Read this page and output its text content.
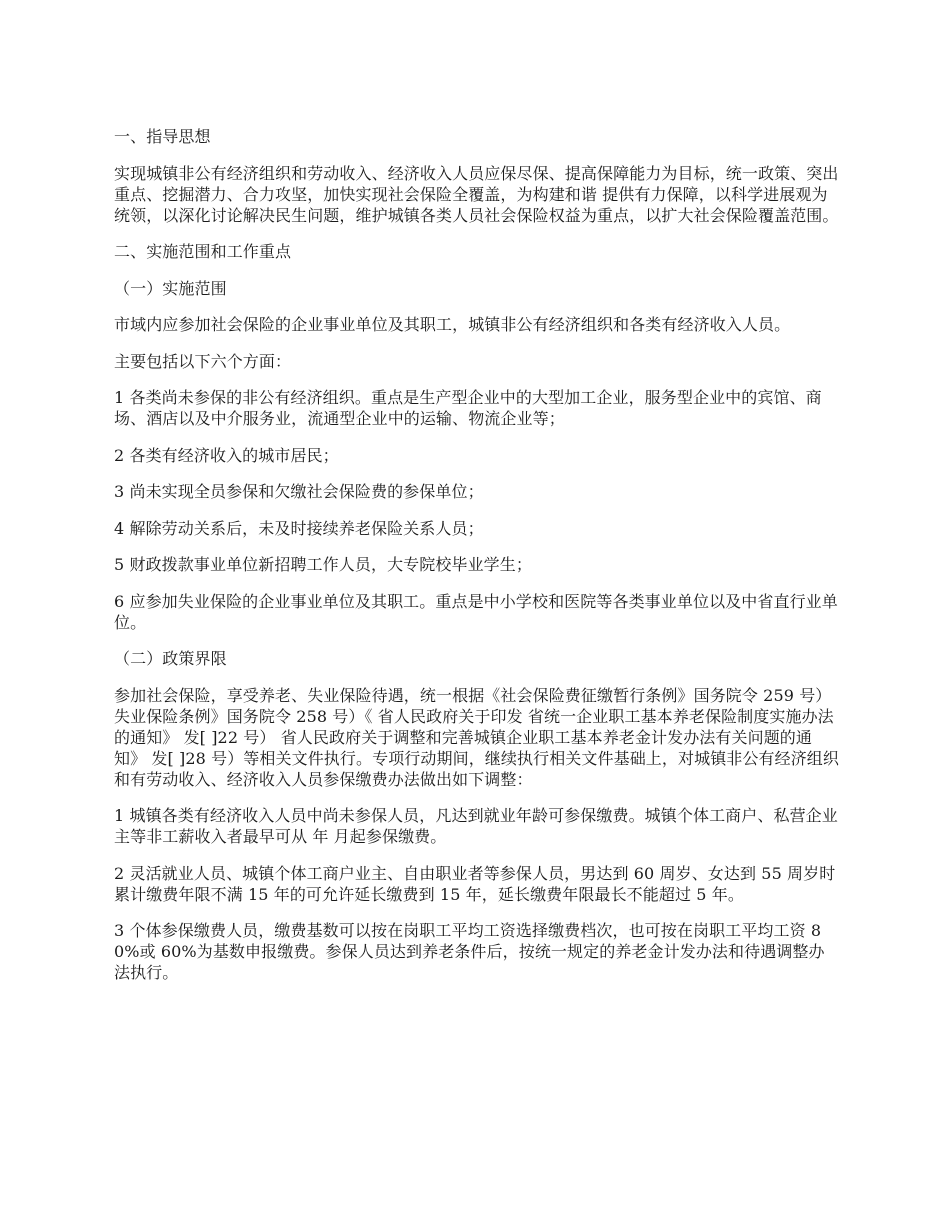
一、指导思想

实现城镇非公有经济组织和劳动收入、经济收入人员应保尽保、提高保障能力为目标，统一政策、突出重点、挖掘潜力、合力攻坚，加快实现社会保险全覆盖，为构建和谐 提供有力保障，以科学进展观为统领，以深化讨论解决民生问题，维护城镇各类人员社会保险权益为重点，以扩大社会保险覆盖范围。

二、实施范围和工作重点

（一）实施范围

市域内应参加社会保险的企业事业单位及其职工，城镇非公有经济组织和各类有经济收入人员。

主要包括以下六个方面：

1 各类尚未参保的非公有经济组织。重点是生产型企业中的大型加工企业，服务型企业中的宾馆、商场、酒店以及中介服务业，流通型企业中的运输、物流企业等；

2 各类有经济收入的城市居民；

3 尚未实现全员参保和欠缴社会保险费的参保单位；

4 解除劳动关系后，未及时接续养老保险关系人员；

5 财政拨款事业单位新招聘工作人员，大专院校毕业学生；

6 应参加失业保险的企业事业单位及其职工。重点是中小学校和医院等各类事业单位以及中省直行业单位。

（二）政策界限

参加社会保险，享受养老、失业保险待遇，统一根据《社会保险费征缴暂行条例》国务院令 259 号）失业保险条例》国务院令 258 号）《 省人民政府关于印发 省统一企业职工基本养老保险制度实施办法的通知》 发[ ]22 号） 省人民政府关于调整和完善城镇企业职工基本养老金计发办法有关问题的通知》 发[ ]28 号）等相关文件执行。专项行动期间，继续执行相关文件基础上，对城镇非公有经济组织和有劳动收入、经济收入人员参保缴费办法做出如下调整：

1 城镇各类有经济收入人员中尚未参保人员，凡达到就业年龄可参保缴费。城镇个体工商户、私营企业主等非工薪收入者最早可从 年 月起参保缴费。

2 灵活就业人员、城镇个体工商户业主、自由职业者等参保人员，男达到 60 周岁、女达到 55 周岁时累计缴费年限不满 15 年的可允许延长缴费到 15 年，延长缴费年限最长不能超过 5 年。

3 个体参保缴费人员，缴费基数可以按在岗职工平均工资选择缴费档次，也可按在岗职工平均工资 80%或 60%为基数申报缴费。参保人员达到养老条件后，按统一规定的养老金计发办法和待遇调整办法执行。
